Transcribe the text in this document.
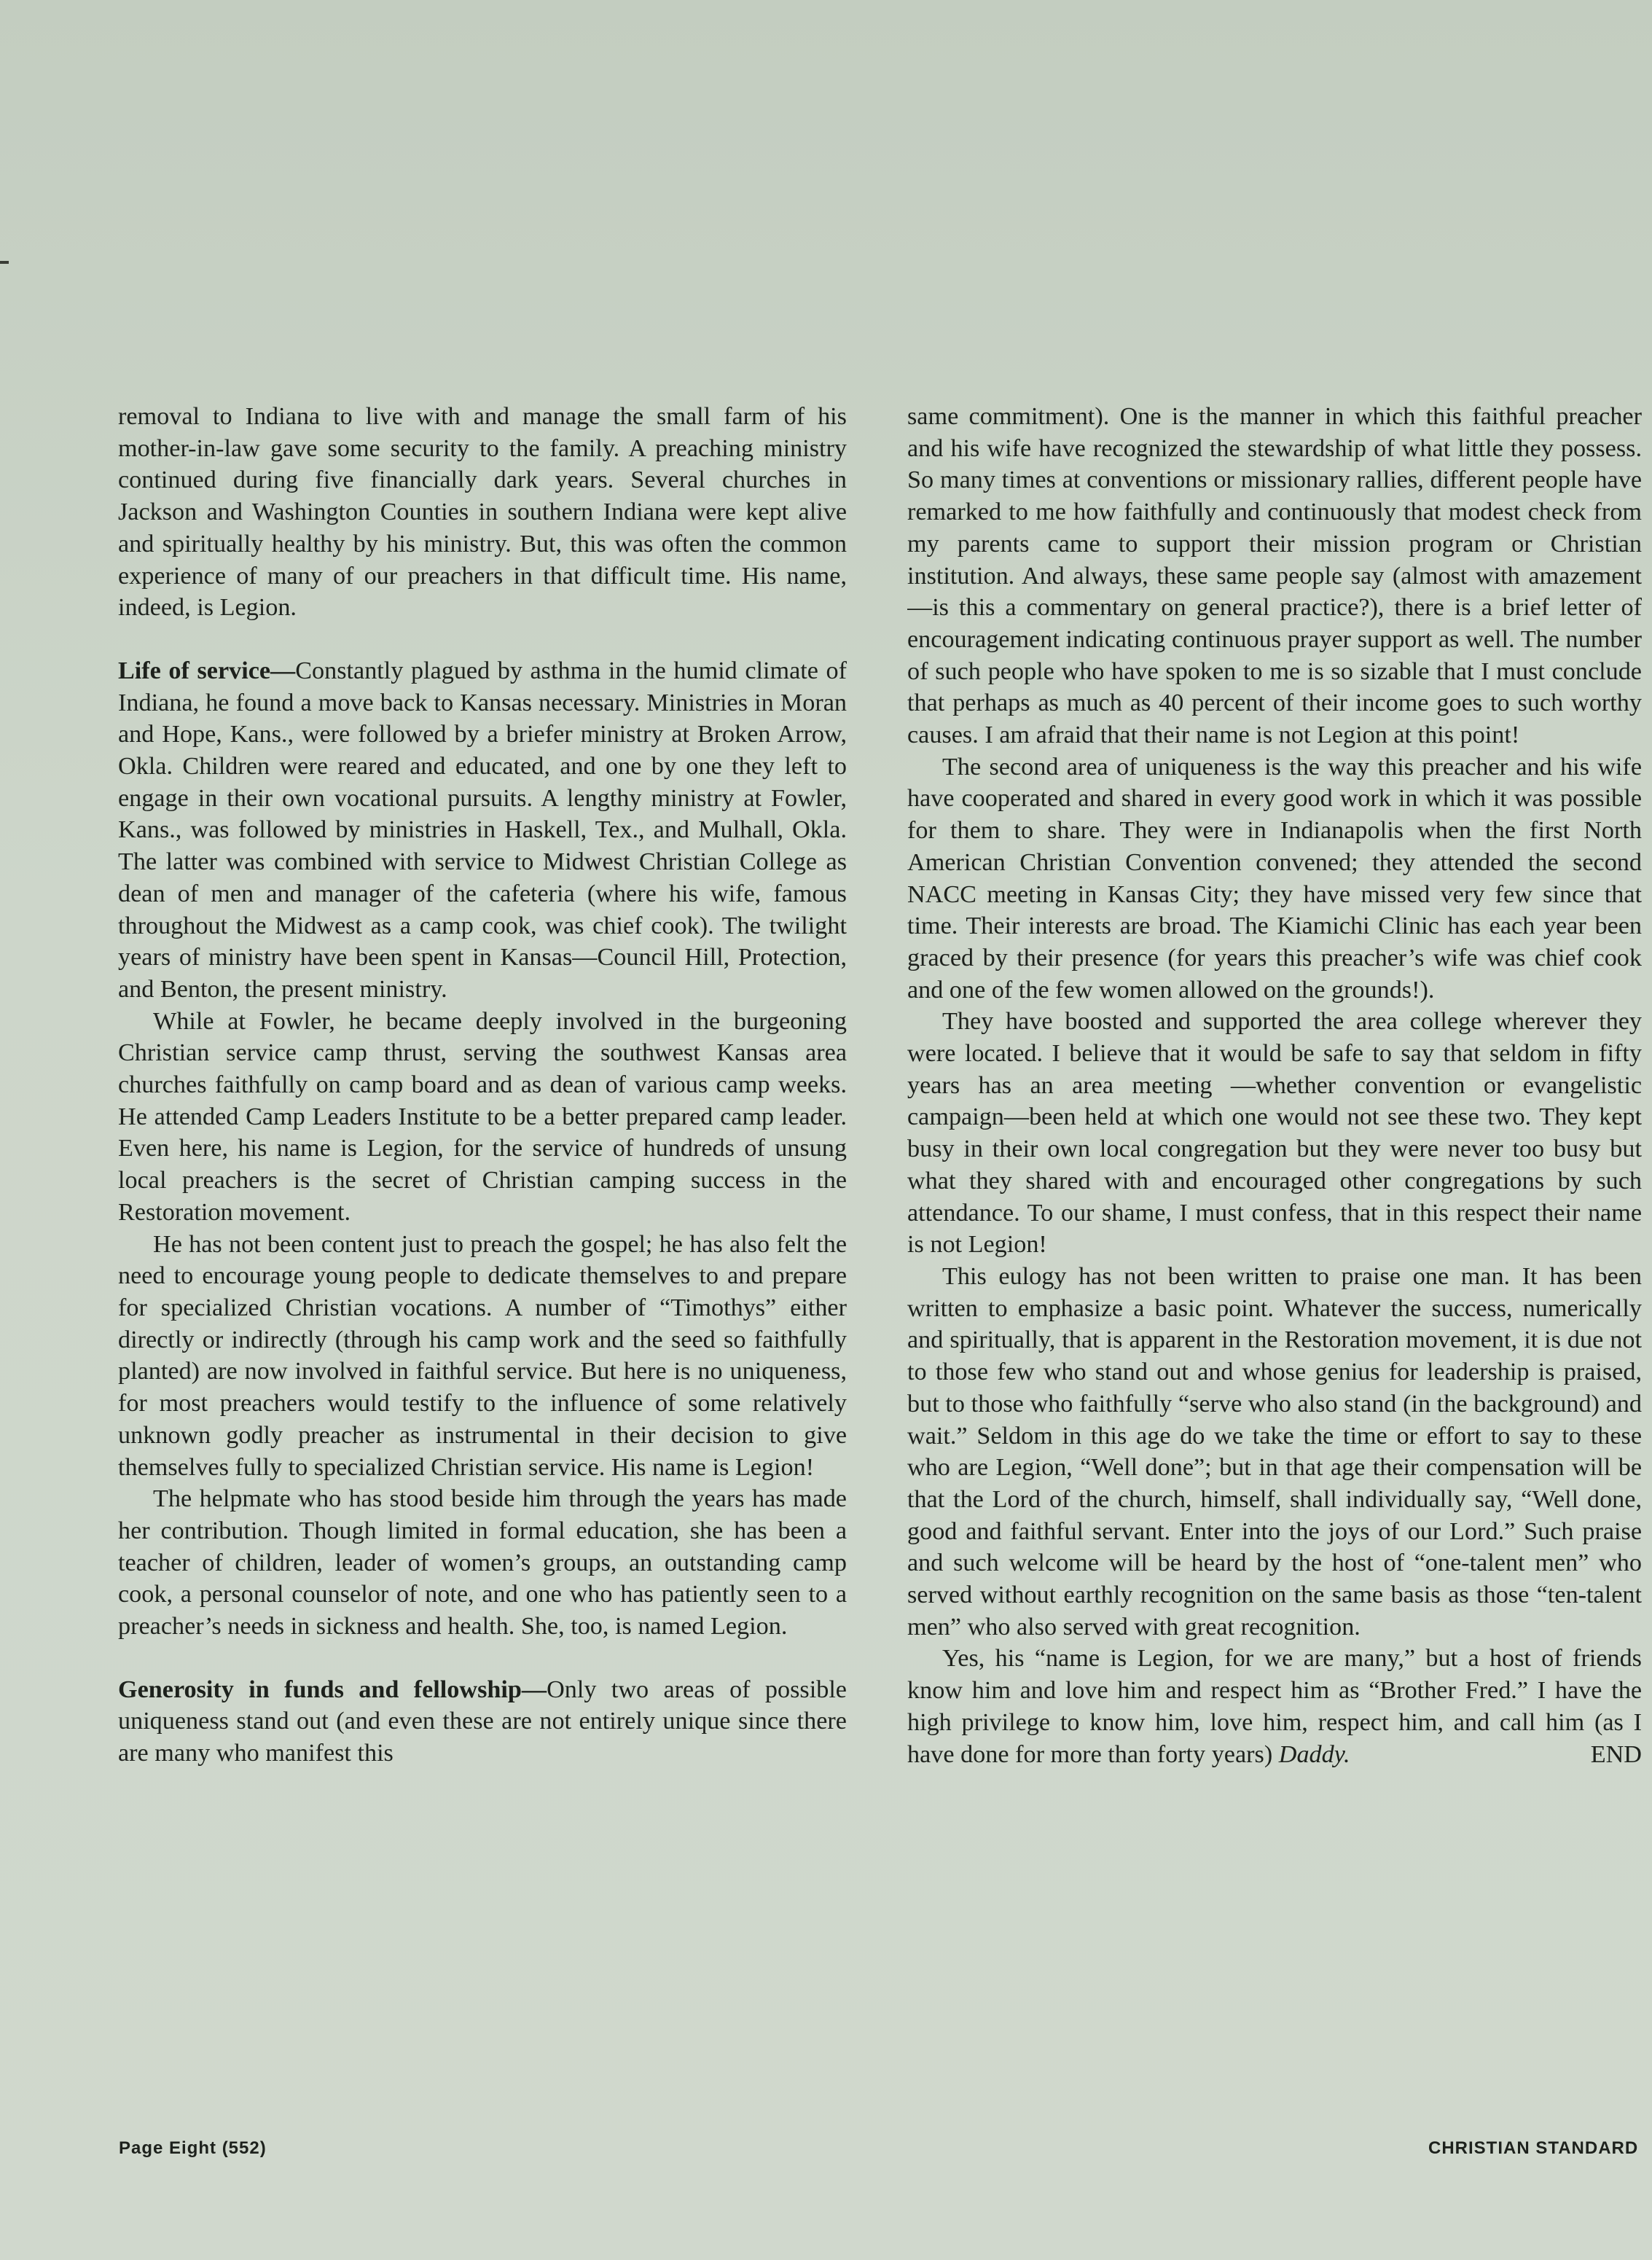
removal to Indiana to live with and manage the small farm of his mother-in-law gave some security to the family. A preaching ministry continued during five financially dark years. Several churches in Jackson and Washington Counties in southern Indiana were kept alive and spiritually healthy by his ministry. But, this was often the common experience of many of our preachers in that difficult time. His name, indeed, is Legion.

Life of service—Constantly plagued by asthma in the humid climate of Indiana, he found a move back to Kansas necessary. Ministries in Moran and Hope, Kans., were followed by a briefer ministry at Broken Arrow, Okla. Children were reared and educated, and one by one they left to engage in their own vocational pursuits. A lengthy ministry at Fowler, Kans., was followed by ministries in Haskell, Tex., and Mulhall, Okla. The latter was combined with service to Midwest Christian College as dean of men and manager of the cafeteria (where his wife, famous throughout the Midwest as a camp cook, was chief cook). The twilight years of ministry have been spent in Kansas—Council Hill, Protection, and Benton, the present ministry.

While at Fowler, he became deeply involved in the burgeoning Christian service camp thrust, serving the southwest Kansas area churches faithfully on camp board and as dean of various camp weeks. He attended Camp Leaders Institute to be a better prepared camp leader. Even here, his name is Legion, for the service of hundreds of unsung local preachers is the secret of Christian camping success in the Restoration movement.

He has not been content just to preach the gospel; he has also felt the need to encourage young people to dedicate themselves to and prepare for specialized Christian vocations. A number of “Timothys” either directly or indirectly (through his camp work and the seed so faithfully planted) are now involved in faithful service. But here is no uniqueness, for most preachers would testify to the influence of some relatively unknown godly preacher as instrumental in their decision to give themselves fully to specialized Christian service. His name is Legion!

The helpmate who has stood beside him through the years has made her contribution. Though limited in formal education, she has been a teacher of children, leader of women’s groups, an outstanding camp cook, a personal counselor of note, and one who has patiently seen to a preacher’s needs in sickness and health. She, too, is named Legion.

Generosity in funds and fellowship—Only two areas of possible uniqueness stand out (and even these are not entirely unique since there are many who manifest this

same commitment). One is the manner in which this faithful preacher and his wife have recognized the stewardship of what little they possess. So many times at conventions or missionary rallies, different people have remarked to me how faithfully and continuously that modest check from my parents came to support their mission program or Christian institution. And always, these same people say (almost with amazement—is this a commentary on general practice?), there is a brief letter of encouragement indicating continuous prayer support as well. The number of such people who have spoken to me is so sizable that I must conclude that perhaps as much as 40 percent of their income goes to such worthy causes. I am afraid that their name is not Legion at this point!

The second area of uniqueness is the way this preacher and his wife have cooperated and shared in every good work in which it was possible for them to share. They were in Indianapolis when the first North American Christian Convention convened; they attended the second NACC meeting in Kansas City; they have missed very few since that time. Their interests are broad. The Kiamichi Clinic has each year been graced by their presence (for years this preacher’s wife was chief cook and one of the few women allowed on the grounds!).

They have boosted and supported the area college wherever they were located. I believe that it would be safe to say that seldom in fifty years has an area meeting —whether convention or evangelistic campaign—been held at which one would not see these two. They kept busy in their own local congregation but they were never too busy but what they shared with and encouraged other congregations by such attendance. To our shame, I must confess, that in this respect their name is not Legion!

This eulogy has not been written to praise one man. It has been written to emphasize a basic point. Whatever the success, numerically and spiritually, that is apparent in the Restoration movement, it is due not to those few who stand out and whose genius for leadership is praised, but to those who faithfully “serve who also stand (in the background) and wait.” Seldom in this age do we take the time or effort to say to these who are Legion, “Well done”; but in that age their compensation will be that the Lord of the church, himself, shall individually say, “Well done, good and faithful servant. Enter into the joys of our Lord.” Such praise and such welcome will be heard by the host of “one-talent men” who served without earthly recognition on the same basis as those “ten-talent men” who also served with great recognition.

Yes, his “name is Legion, for we are many,” but a host of friends know him and love him and respect him as “Brother Fred.” I have the high privilege to know him, love him, respect him, and call him (as I have done for more than forty years) Daddy.	END

Page Eight (552)	CHRISTIAN STANDARD
